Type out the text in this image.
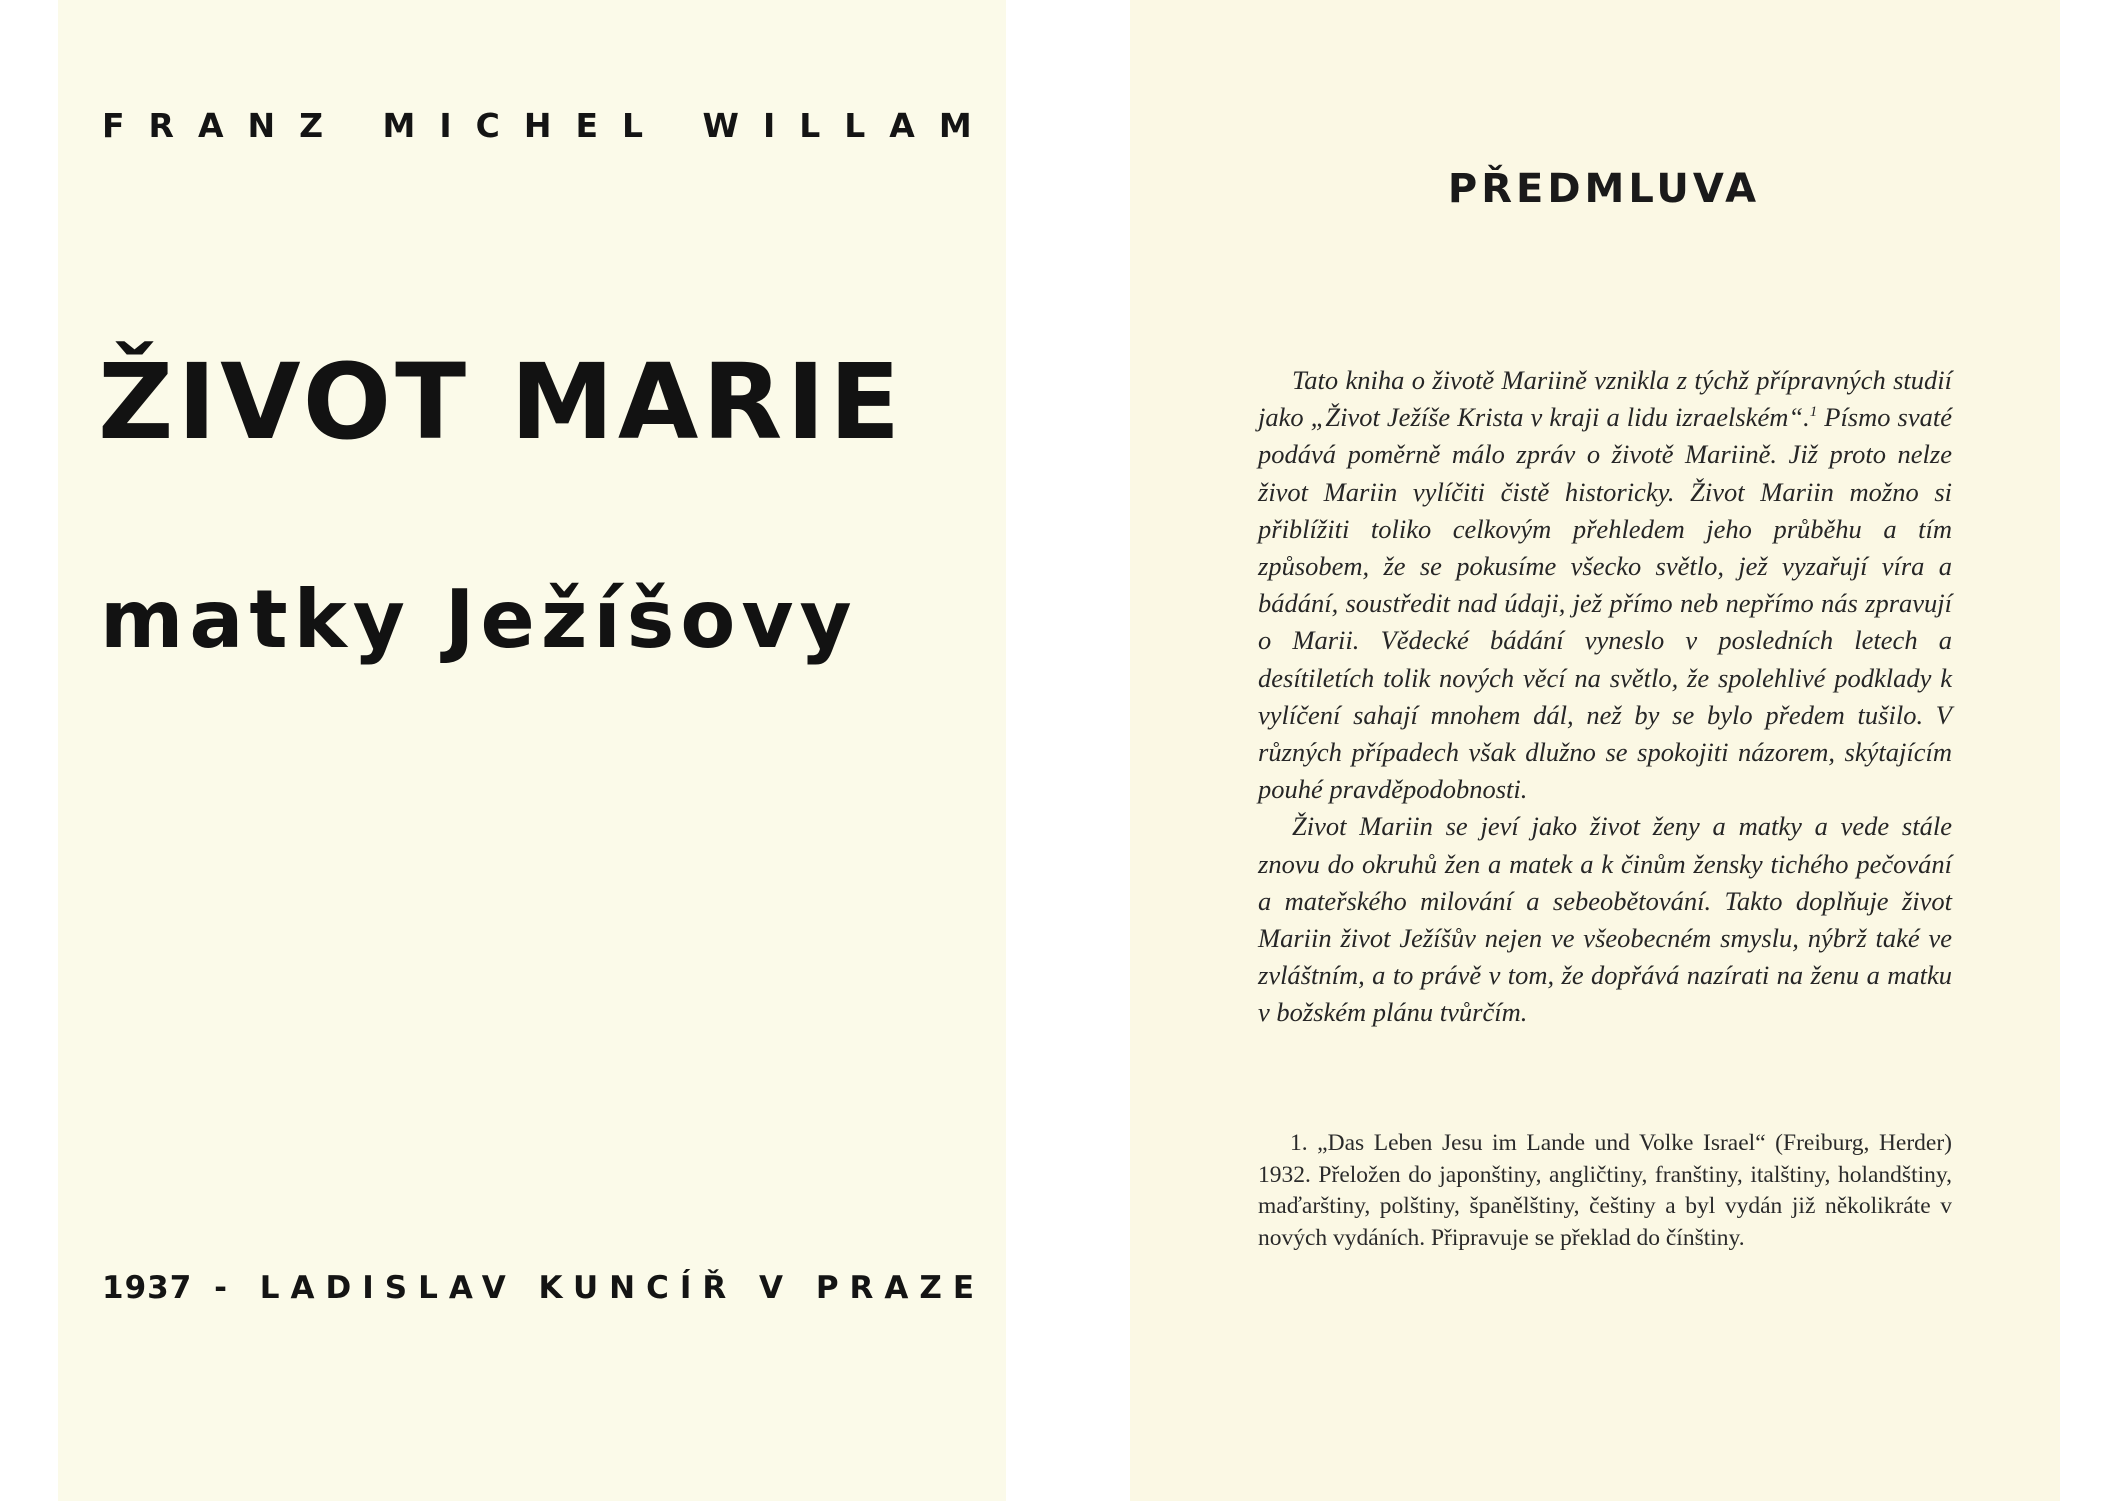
FRANZ MICHEL WILLAM
ŽIVOT MARIE
matky Ježíšovy
1937 - LADISLAV KUNCÍŘ V PRAZE
PŘEDMLUVA

Tato kniha o životě Mariině vznikla z týchž přípravných studií jako „Život Ježíše Krista v kraji a lidu izraelském“.$^1$ Písmo svaté podává poměrně málo zpráv o životě Mariině. Již proto nelze život Mariin vylíčiti čistě historicky. Život Mariin možno si přiblížiti toliko celkovým přehledem jeho průběhu a tím způsobem, že se pokusíme všecko světlo, jež vyzařují víra a bádání, soustředit nad údaji, jež přímo neb nepřímo nás zpravují o Marii. Vědecké bádání vyneslo v posledních letech a desítiletích tolik nových věcí na světlo, že spolehlivé podklady k vylíčení sahají mnohem dál, než by se bylo předem tušilo. V různých případech však dlužno se spokojiti názorem, skýtajícím pouhé pravděpodobnosti.

Život Mariin se jeví jako život ženy a matky a vede stále znovu do okruhů žen a matek a k činům žensky tichého pečování a mateřského milování a sebeobětování. Takto doplňuje život Mariin život Ježíšův nejen ve všeobecném smyslu, nýbrž také ve zvláštním, a to právě v tom, že dopřává nazírati na ženu a matku v božském plánu tvůrčím.

1. „Das Leben Jesu im Lande und Volke Israel“ (Freiburg, Herder) 1932. Přeložen do japonštiny, angličtiny, franštiny, italštiny, holandštiny, maďarštiny, polštiny, španělštiny, češtiny a byl vydán již několikráte v nových vydáních. Připravuje se překlad do čínštiny.
